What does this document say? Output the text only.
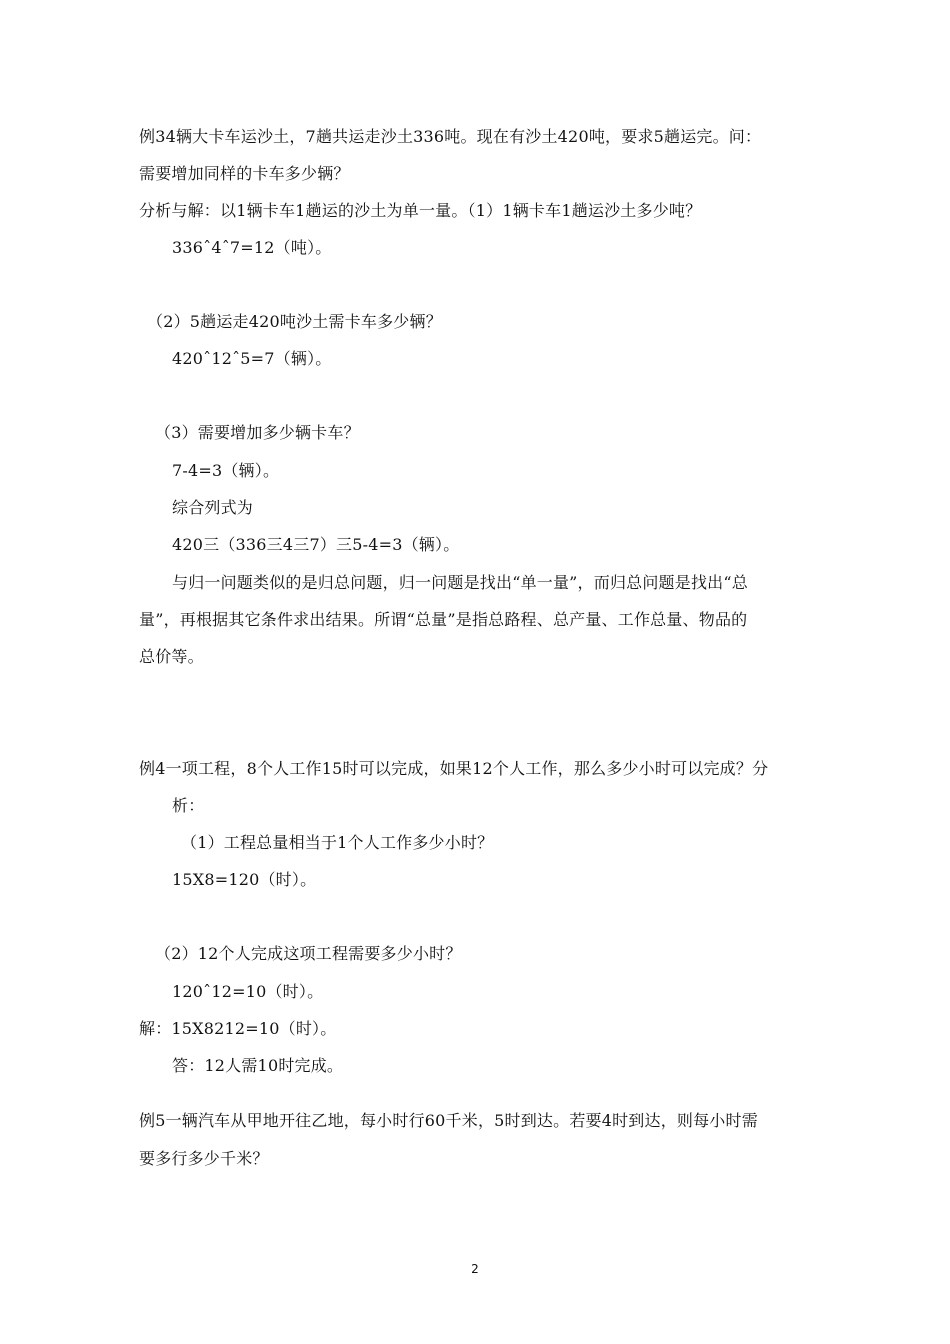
例34辆大卡车运沙土，7趟共运走沙土336吨。现在有沙土420吨，要求5趟运完。问：
需要增加同样的卡车多少辆？
分析与解：以1辆卡车1趟运的沙土为单一量。（1）1辆卡车1趟运沙土多少吨？
336ˆ4ˆ7=12（吨）。
（2）5趟运走420吨沙土需卡车多少辆？
420ˆ12ˆ5=7（辆）。
（3）需要增加多少辆卡车？
7-4=3（辆）。
综合列式为
420三（336三4三7）三5-4=3（辆）。
与归一问题类似的是归总问题，归一问题是找出“单一量”，而归总问题是找出“总
量”，再根据其它条件求出结果。所谓“总量”是指总路程、总产量、工作总量、物品的
总价等。
例4一项工程，8个人工作15时可以完成，如果12个人工作，那么多少小时可以完成？分
析：
（1）工程总量相当于1个人工作多少小时？
15X8=120（时）。
（2）12个人完成这项工程需要多少小时？
120ˆ12=10（时）。
解：15X8212=10（时）。
答：12人需10时完成。
例5一辆汽车从甲地开往乙地，每小时行60千米，5时到达。若要4时到达，则每小时需
要多行多少千米？
2
